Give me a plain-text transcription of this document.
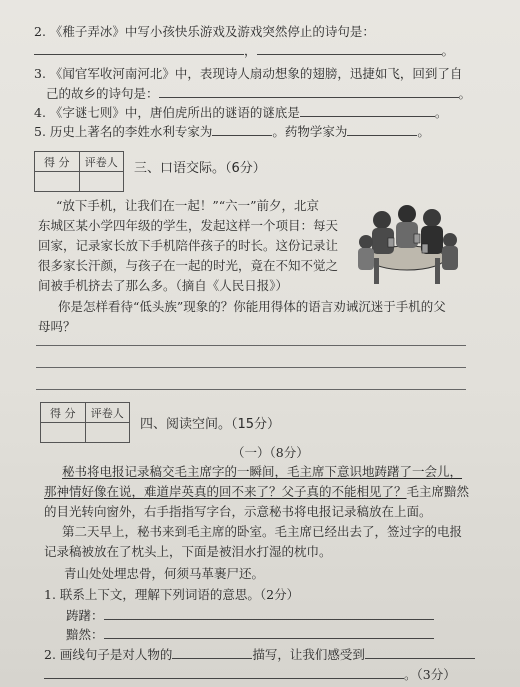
2. 《稚子弄冰》中写小孩快乐游戏及游戏突然停止的诗句是：
，	。
3. 《闻官军收河南河北》中，表现诗人扇动想象的翅膀，迅捷如飞，回到了自
己的故乡的诗句是：	。
4. 《字谜七则》中，唐伯虎所出的谜语的谜底是	。
5. 历史上著名的李姓水利专家为	。药物学家为	。
得 分	评卷人
	三、口语交际。（6分）
“放下手机，让我们在一起！”“六一”前夕，北京
东城区某小学四年级的学生，发起这样一个项目：每天
回家，记录家长放下手机陪伴孩子的时长。这份记录让
很多家长汗颜，与孩子在一起的时光，竟在不知不觉之
间被手机挤去了那么多。（摘自《人民日报》）
你是怎样看待“低头族”现象的？你能用得体的语言劝诫沉迷于手机的父
母吗？
得 分	评卷人

四、阅读空间。（15分）
（一）（8分）
秘书将电报记录稿交毛主席字的一瞬间，毛主席下意识地踌躇了一会儿，
那神情好像在说，难道岸英真的回不来了？父子真的不能相见了？毛主席黯然
的目光转向窗外，右手指指写字台，示意秘书将电报记录稿放在上面。
第二天早上，秘书来到毛主席的卧室。毛主席已经出去了，签过字的电报
记录稿被放在了枕头上，下面是被泪水打湿的枕巾。
青山处处埋忠骨，何须马革裹尸还。
1. 联系上下文，理解下列词语的意思。（2分）
踌躇：
黯然：
2. 画线句子是对人物的	描写，让我们感受到
。（3分）
